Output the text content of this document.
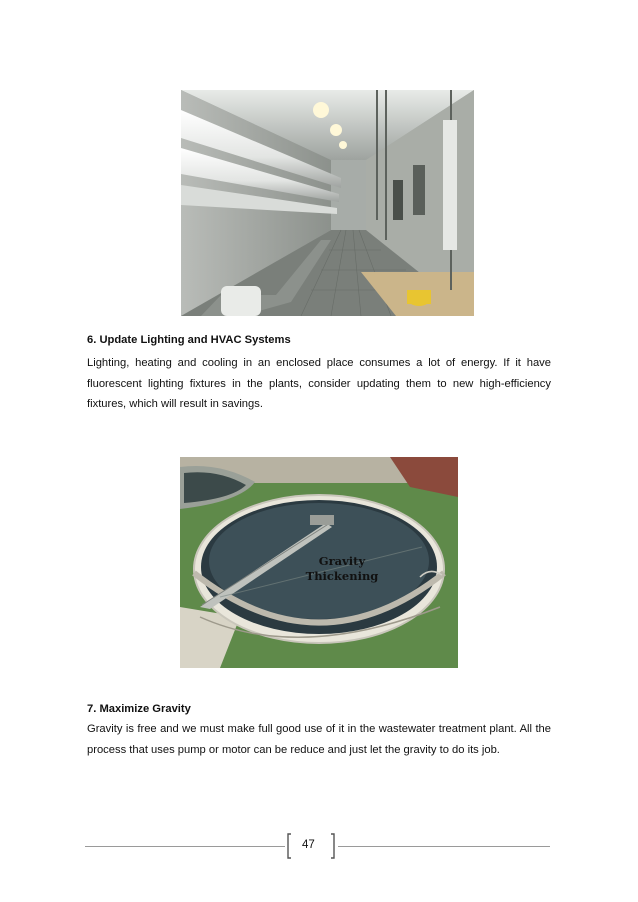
6. Update Lighting and HVAC Systems

Lighting, heating and cooling in an enclosed place consumes a lot of energy. If it have fluorescent lighting fixtures in the plants, consider updating them to new high-efficiency fixtures, which will result in savings.

Gravity
Thickening

7. Maximize Gravity

Gravity is free and we must make full good use of it in the wastewater treatment plant. All the process that uses pump or motor can be reduce and just let the gravity to do its job.

47
